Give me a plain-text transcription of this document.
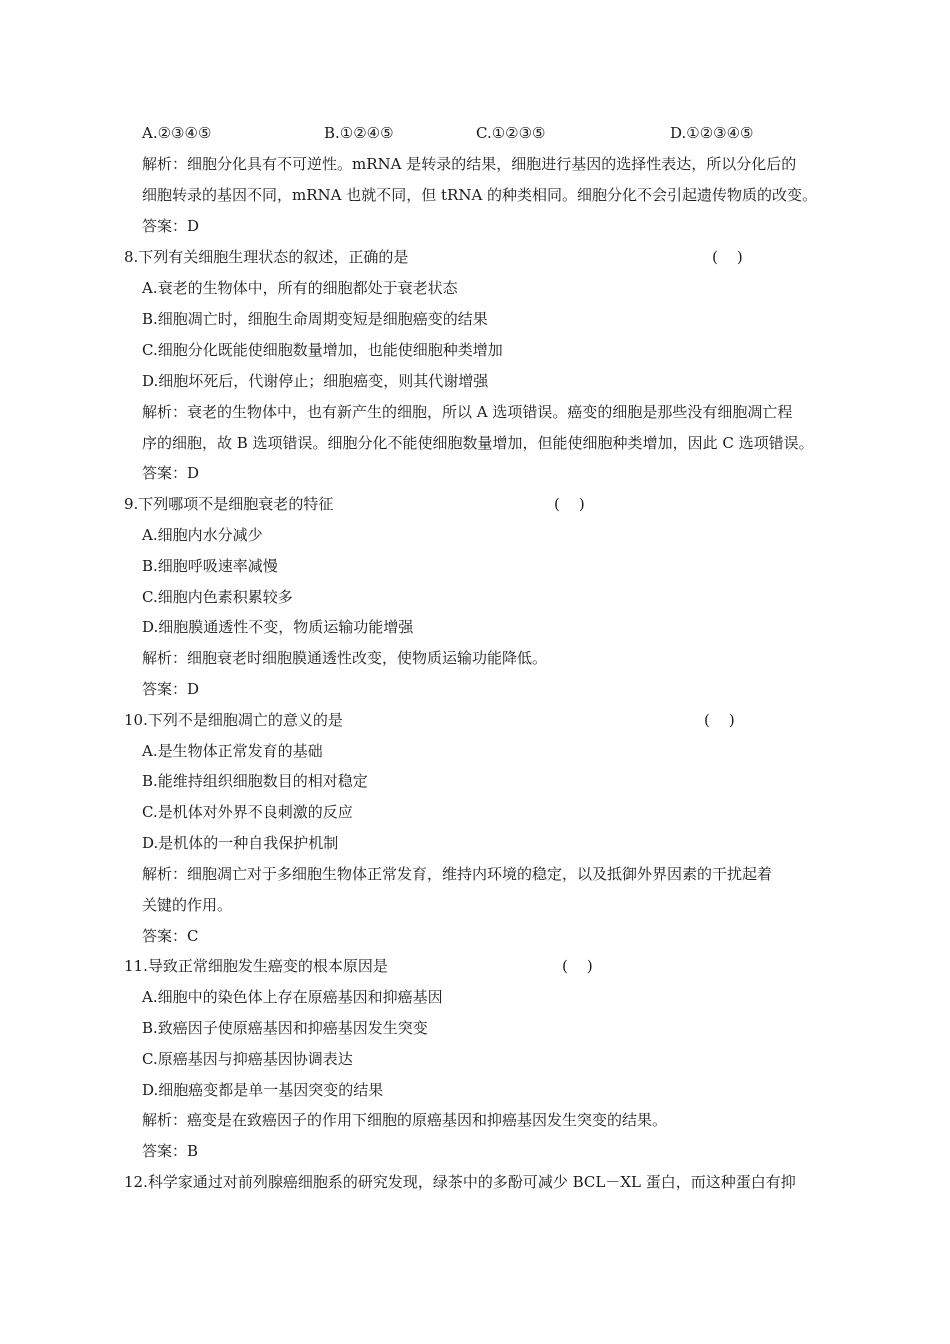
A.②③④⑤	B.①②④⑤	C.①②③⑤	D.①②③④⑤
解析：细胞分化具有不可逆性。mRNA 是转录的结果，细胞进行基因的选择性表达，所以分化后的
细胞转录的基因不同，mRNA 也就不同，但 tRNA 的种类相同。细胞分化不会引起遗传物质的改变。
答案：D
8.下列有关细胞生理状态的叙述，正确的是	(    )
A.衰老的生物体中，所有的细胞都处于衰老状态
B.细胞凋亡时，细胞生命周期变短是细胞癌变的结果
C.细胞分化既能使细胞数量增加，也能使细胞种类增加
D.细胞坏死后，代谢停止；细胞癌变，则其代谢增强
解析：衰老的生物体中，也有新产生的细胞，所以 A 选项错误。癌变的细胞是那些没有细胞凋亡程
序的细胞，故 B 选项错误。细胞分化不能使细胞数量增加，但能使细胞种类增加，因此 C 选项错误。
答案：D
9.下列哪项不是细胞衰老的特征	(    )
A.细胞内水分减少
B.细胞呼吸速率减慢
C.细胞内色素积累较多
D.细胞膜通透性不变，物质运输功能增强
解析：细胞衰老时细胞膜通透性改变，使物质运输功能降低。
答案：D
10.下列不是细胞凋亡的意义的是	(    )
A.是生物体正常发育的基础
B.能维持组织细胞数目的相对稳定
C.是机体对外界不良刺激的反应
D.是机体的一种自我保护机制
解析：细胞凋亡对于多细胞生物体正常发育，维持内环境的稳定，以及抵御外界因素的干扰起着
关键的作用。
答案：C
11.导致正常细胞发生癌变的根本原因是	(    )
A.细胞中的染色体上存在原癌基因和抑癌基因
B.致癌因子使原癌基因和抑癌基因发生突变
C.原癌基因与抑癌基因协调表达
D.细胞癌变都是单一基因突变的结果
解析：癌变是在致癌因子的作用下细胞的原癌基因和抑癌基因发生突变的结果。
答案：B
12.科学家通过对前列腺癌细胞系的研究发现，绿茶中的多酚可减少 BCL－XL 蛋白，而这种蛋白有抑
